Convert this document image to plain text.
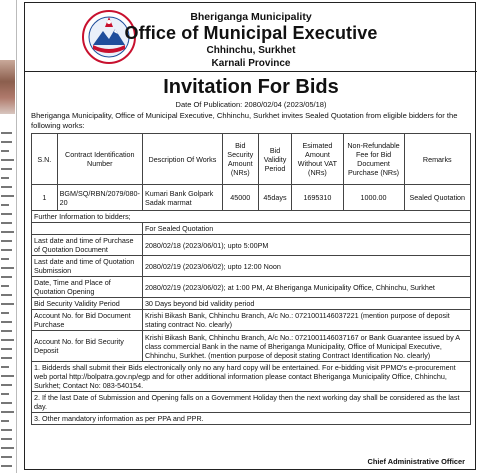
Bheriganga Municipality
Office of Municipal Executive
Chhinchu, Surkhet
Karnali Province
Invitation For Bids
Date Of Publication: 2080/02/04 (2023/05/18)
Bheriganga Municipality, Office of Municipal Executive, Chhinchu, Surkhet invites Sealed Quotation from eligible bidders for the following works:
S.N.	Contract Identification Number	Description Of Works	Bid Security Amount (NRs)	Bid Validity Period	Esimated Amount Without VAT (NRs)	Non-Refundable Fee for Bid Document Purchase (NRs)	Remarks
1	BGM/SQ/RBN/2079/080-20	Kumari Bank Golpark Sadak marmat	45000	45days	1695310	1000.00	Sealed Quotation
Further Information to bidders;							
		For Sealed Quotation					
Last date and time of Purchase of Quotation Document		2080/02/18 (2023/06/01); upto 5:00PM					
Last date and time of Quotation Submission		2080/02/19 (2023/06/02); upto 12:00 Noon					
Date, Time and Place of Quotation Opening		2080/02/19 (2023/06/02); at 1:00 PM, At Bheriganga Municipality Office, Chhinchu, Surkhet					
Bid Security Validity Period		30 Days beyond bid validity period					
Account No. for Bid Document Purchase		Krishi Bikash Bank, Chhinchu Branch, A/c No.: 0721001146037221 (mention purpose of deposit stating contract No. clearly)					
Account No. for Bid Security Deposit		Krishi Bikash Bank, Chhinchu Branch, A/c No.: 0721001146037167 or Bank Guarantee issued by A class commercial Bank in the name of Bheriganga Municipality, Office of Municipal Executive, Chhinchu, Surkhet. (mention purpose of deposit stating Contract Identification No. clearly)					
1. Bidderds shall submit their Bids electronically only no any hard copy will be entertained. For e-bidding visit PPMO's e-procurement web portal http://bolpatra.gov.np/egp and for other additional information please contact Bheriganga Municipality Office, Chhinchu, Surkhet; Contact No: 083-540154.							
2. If the last Date of Submission and Opening falls on a Government Holiday then the next working day shall be considered as the last day.							
3. Other mandatory information as per PPA and PPR.							
Chief Administrative Officer
